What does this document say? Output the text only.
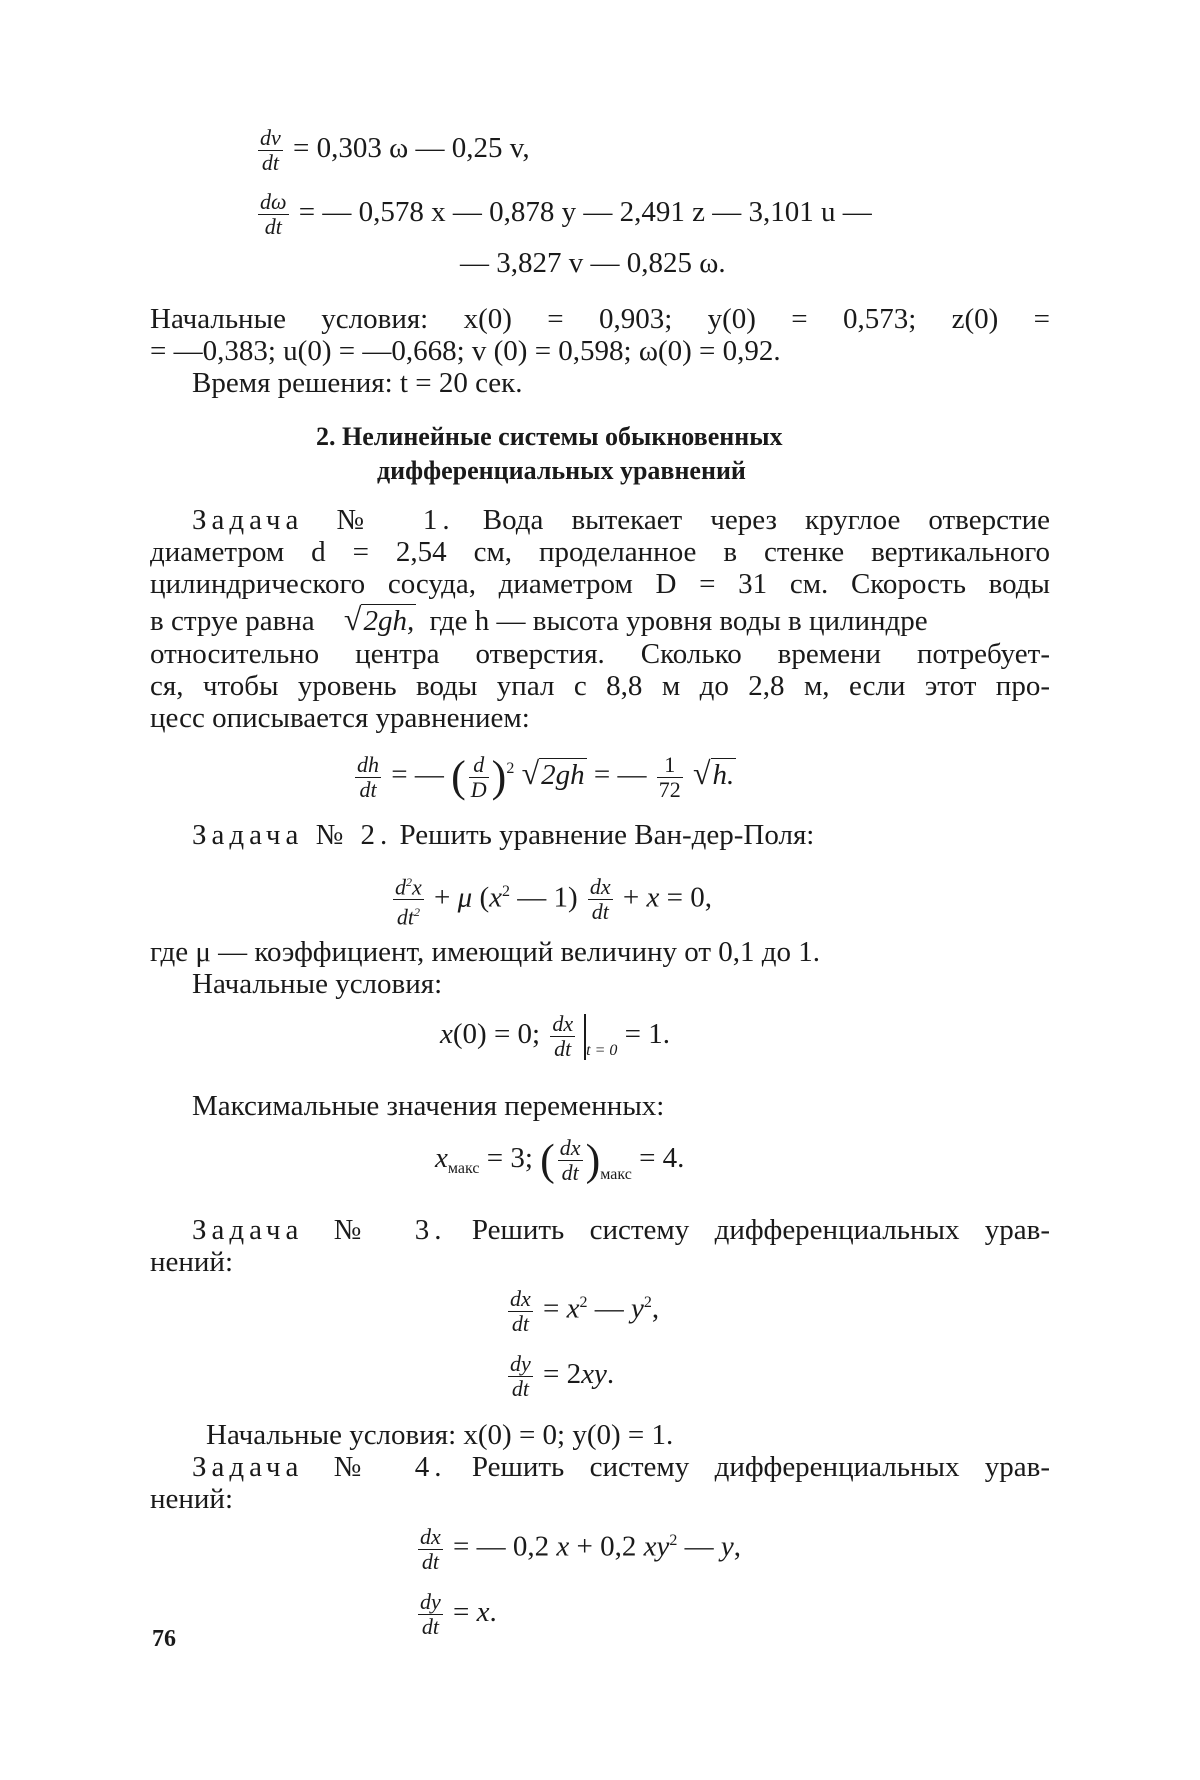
$\frac{dv}{dt} = 0,303$ ω — 0,25 v,
$\frac{d\omega}{dt}$ = — 0,578 x — 0,878 y — 2,491 z — 3,101 u —
— 3,827 v — 0,825 ω.
Начальные условия: x(0) = 0,903; y(0) = 0,573; z(0) =
= —0,383; u(0) = —0,668; v (0) = 0,598; ω(0) = 0,92.
Время решения: t = 20 сек.
2. Нелинейные системы обыкновенных
дифференциальных уравнений
Задача № 1. Вода вытекает через круглое отверстие
диаметром d = 2,54 см, проделанное в стенке вертикального
цилиндрического сосуда, диаметром D = 31 см. Скорость воды
в струе равна √2gh, где h — высота уровня воды в цилиндре
относительно центра отверстия. Сколько времени потребует-
ся, чтобы уровень воды упал с 8,8 м до 2,8 м, если этот про-
цесс описывается уравнением:
$\frac{dh}{dt}$ = — ( $\frac{d}{D} )^2$ √2gh = — $\frac{1}{72} √h$.
Задача № 2. Решить уравнение Ван-дер-Поля:
$\frac{d^2x}{dt^2} + \mu$ ($x^2$ — $1) \frac{dx}{dt} + x = 0$,
где μ — коэффициент, имеющий величину от 0,1 до 1.
Начальные условия:
x(0) = 0; $\frac{dx}{dt} _{t = 0} = 1$.
Максимальные значения переменных:
$x_{макс} = 3$; ( $\frac{dx}{dt} )_{макс} = 4$.
Задача № 3. Решить систему дифференциальных урав-
нений:
$\frac{dx}{dt} = x^2$ — $y^2$,
$\frac{dy}{dt} = 2xy$.
Начальные условия: x(0) = 0; y(0) = 1.
Задача № 4. Решить систему дифференциальных урав-
нений:
$\frac{dx}{dt}$ = — 0,2 x + 0,2 $xy^2$ — y,
$\frac{dy}{dt} = x$.
76
